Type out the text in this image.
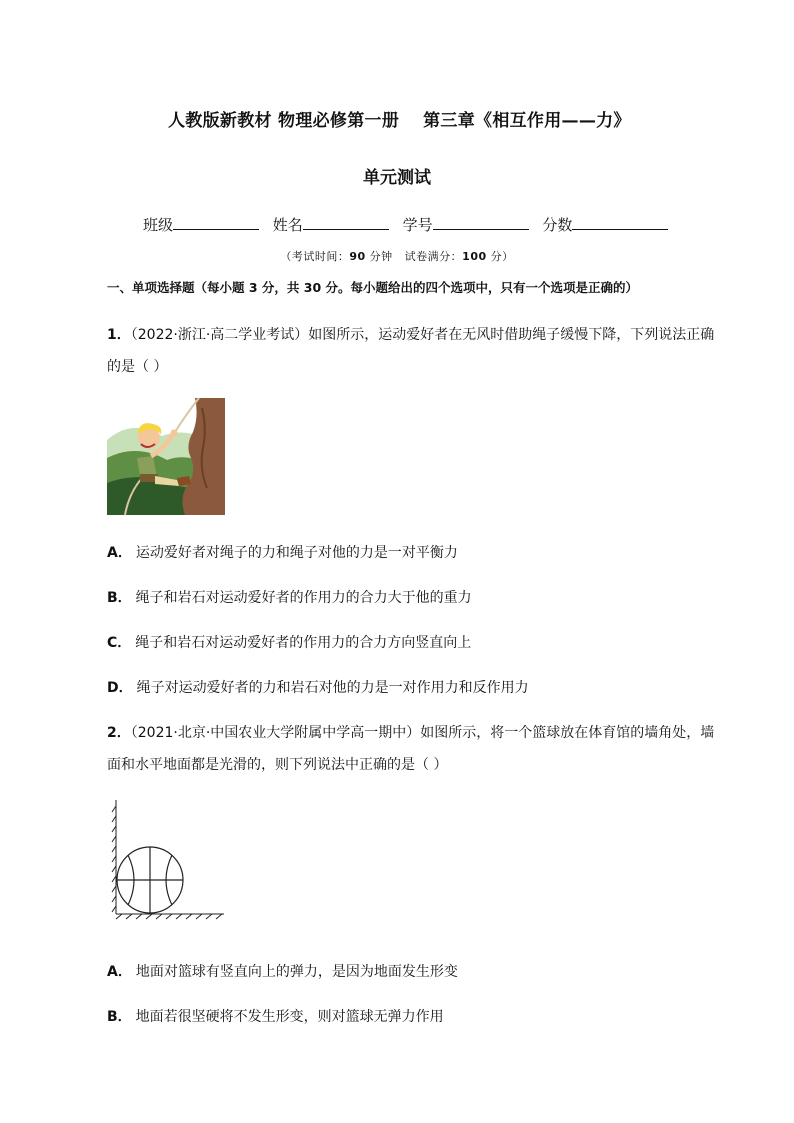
人教版新教材 物理必修第一册 第三章《相互作用——力》
单元测试
班级	姓名	学号	分数
（考试时间：90 分钟 试卷满分：100 分）
一、单项选择题（每小题 3 分，共 30 分。每小题给出的四个选项中，只有一个选项是正确的）
1．（2022·浙江·高二学业考试）如图所示，运动爱好者在无风时借助绳子缓慢下降，下列说法正确
的是（ ）
A． 运动爱好者对绳子的力和绳子对他的力是一对平衡力
B． 绳子和岩石对运动爱好者的作用力的合力大于他的重力
C． 绳子和岩石对运动爱好者的作用力的合力方向竖直向上
D． 绳子对运动爱好者的力和岩石对他的力是一对作用力和反作用力
2．（2021·北京·中国农业大学附属中学高一期中）如图所示，将一个篮球放在体育馆的墙角处，墙
面和水平地面都是光滑的，则下列说法中正确的是（ ）
A． 地面对篮球有竖直向上的弹力，是因为地面发生形变
B． 地面若很坚硬将不发生形变，则对篮球无弹力作用
